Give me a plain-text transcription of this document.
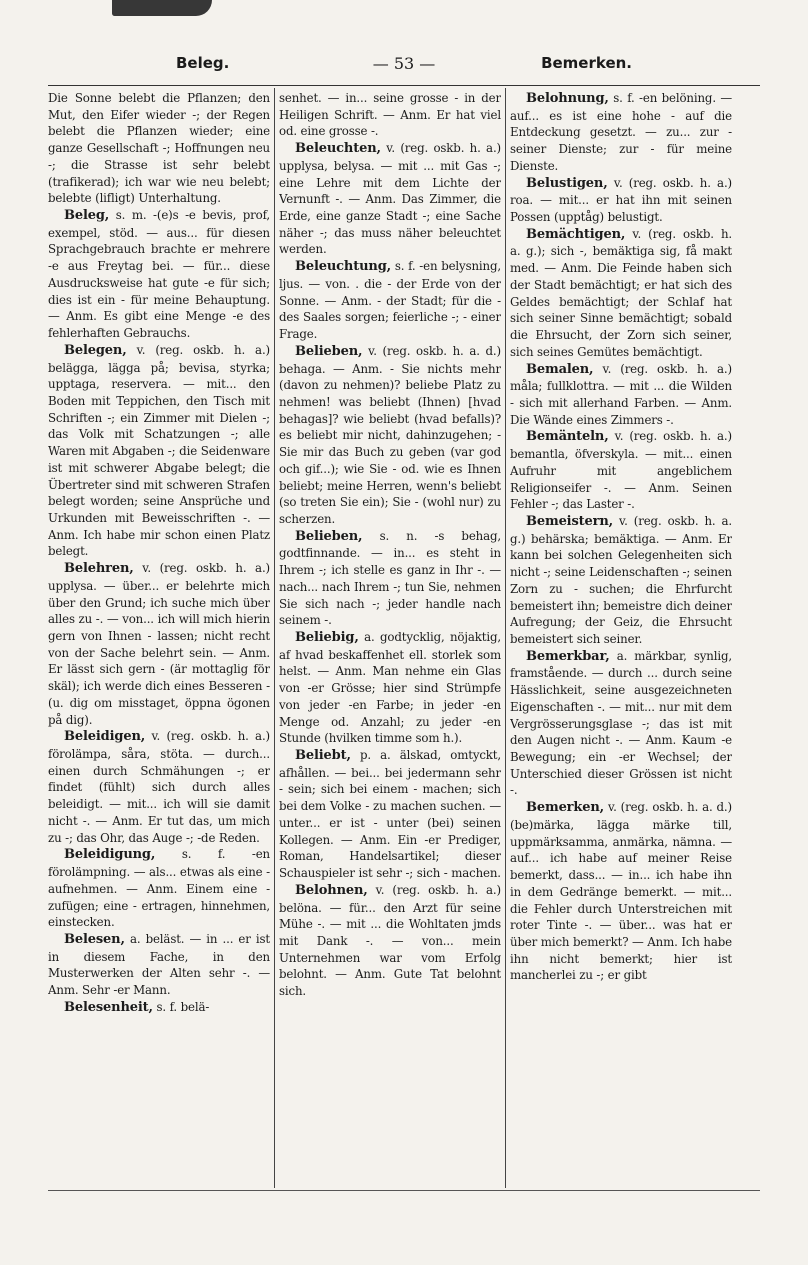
Beleg.	— 53 —	Bemerken.

Die Sonne belebt die Pflanzen; den Mut, den Eifer wieder -; der Regen belebt die Pflanzen wieder; eine ganze Gesellschaft -; Hoffnungen neu -; die Strasse ist sehr belebt (trafikerad); ich war wie neu belebt; belebte (lifligt) Unterhaltung.

Beleg, s. m. -(e)s -e bevis, prof, exempel, stöd. — aus... für diesen Sprachgebrauch brachte er mehrere -e aus Freytag bei. — für... diese Ausdrucksweise hat gute -e für sich; dies ist ein - für meine Behauptung. — Anm. Es gibt eine Menge -e des fehlerhaften Gebrauchs.

Belegen, v. (reg. oskb. h. a.) belägga, lägga på; bevisa, styrka; upptaga, reservera. — mit... den Boden mit Teppichen, den Tisch mit Schriften -; ein Zimmer mit Dielen -; das Volk mit Schatzungen -; alle Waren mit Abgaben -; die Seidenware ist mit schwerer Abgabe belegt; die Übertreter sind mit schweren Strafen belegt worden; seine Ansprüche und Urkunden mit Beweisschriften -. — Anm. Ich habe mir schon einen Platz belegt.

Belehren, v. (reg. oskb. h. a.) upplysa. — über... er belehrte mich über den Grund; ich suche mich über alles zu -. — von... ich will mich hierin gern von Ihnen - lassen; nicht recht von der Sache belehrt sein. — Anm. Er lässt sich gern - (är mottaglig för skäl); ich werde dich eines Besseren - (u. dig om misstaget, öppna ögonen på dig).

Beleidigen, v. (reg. oskb. h. a.) förolämpa, såra, stöta. — durch... einen durch Schmähungen -; er findet (fühlt) sich durch alles beleidigt. — mit... ich will sie damit nicht -. — Anm. Er tut das, um mich zu -; das Ohr, das Auge -; -de Reden.

Beleidigung, s. f. -en förolämpning. — als... etwas als eine - aufnehmen. — Anm. Einem eine - zufügen; eine - ertragen, hinnehmen, einstecken.

Belesen, a. beläst. — in ... er ist in diesem Fache, in den Musterwerken der Alten sehr -. — Anm. Sehr -er Mann.

Belesenheit, s. f. belä-

senhet. — in... seine grosse - in der Heiligen Schrift. — Anm. Er hat viel od. eine grosse -.

Beleuchten, v. (reg. oskb. h. a.) upplysa, belysa. — mit ... mit Gas -; eine Lehre mit dem Lichte der Vernunft -. — Anm. Das Zimmer, die Erde, eine ganze Stadt -; eine Sache näher -; das muss näher beleuchtet werden.

Beleuchtung, s. f. -en belysning, ljus. — von. . die - der Erde von der Sonne. — Anm. - der Stadt; für die - des Saales sorgen; feierliche -; - einer Frage.

Belieben, v. (reg. oskb. h. a. d.) behaga. — Anm. - Sie nichts mehr (davon zu nehmen)? beliebe Platz zu nehmen! was beliebt (Ihnen) [hvad behagas]? wie beliebt (hvad befalls)? es beliebt mir nicht, dahinzugehen; - Sie mir das Buch zu geben (var god och gif...); wie Sie - od. wie es Ihnen beliebt; meine Herren, wenn's beliebt (so treten Sie ein); Sie - (wohl nur) zu scherzen.

Belieben, s. n. -s behag, godtfinnande. — in... es steht in Ihrem -; ich stelle es ganz in Ihr -. — nach... nach Ihrem -; tun Sie, nehmen Sie sich nach -; jeder handle nach seinem -.

Beliebig, a. godtycklig, nöjaktig, af hvad beskaffenhet ell. storlek som helst. — Anm. Man nehme ein Glas von -er Grösse; hier sind Strümpfe von jeder -en Farbe; in jeder -en Menge od. Anzahl; zu jeder -en Stunde (hvilken timme som h.).

Beliebt, p. a. älskad, omtyckt, afhållen. — bei... bei jedermann sehr - sein; sich bei einem - machen; sich bei dem Volke - zu machen suchen. — unter... er ist - unter (bei) seinen Kollegen. — Anm. Ein -er Prediger, Roman, Handelsartikel; dieser Schauspieler ist sehr -; sich - machen.

Belohnen, v. (reg. oskb. h. a.) belöna. — für... den Arzt für seine Mühe -. — mit ... die Wohltaten jmds mit Dank -. — von... mein Unternehmen war vom Erfolg belohnt. — Anm. Gute Tat belohnt sich.

Belohnung, s. f. -en belöning. — auf... es ist eine hohe - auf die Entdeckung gesetzt. — zu... zur - seiner Dienste; zur - für meine Dienste.

Belustigen, v. (reg. oskb. h. a.) roa. — mit... er hat ihn mit seinen Possen (upptåg) belustigt.

Bemächtigen, v. (reg. oskb. h. a. g.); sich -, bemäktiga sig, få makt med. — Anm. Die Feinde haben sich der Stadt bemächtigt; er hat sich des Geldes bemächtigt; der Schlaf hat sich seiner Sinne bemächtigt; sobald die Ehrsucht, der Zorn sich seiner, sich seines Gemütes bemächtigt.

Bemalen, v. (reg. oskb. h. a.) måla; fullklottra. — mit ... die Wilden - sich mit allerhand Farben. — Anm. Die Wände eines Zimmers -.

Bemänteln, v. (reg. oskb. h. a.) bemantla, öfverskyla. — mit... einen Aufruhr mit angeblichem Religionseifer -. — Anm. Seinen Fehler -; das Laster -.

Bemeistern, v. (reg. oskb. h. a. g.) behärska; bemäktiga. — Anm. Er kann bei solchen Gelegenheiten sich nicht -; seine Leidenschaften -; seinen Zorn zu - suchen; die Ehrfurcht bemeistert ihn; bemeistre dich deiner Aufregung; der Geiz, die Ehrsucht bemeistert sich seiner.

Bemerkbar, a. märkbar, synlig, framstående. — durch ... durch seine Hässlichkeit, seine ausgezeichneten Eigenschaften -. — mit... nur mit dem Vergrösserungsglase -; das ist mit den Augen nicht -. — Anm. Kaum -e Bewegung; ein -er Wechsel; der Unterschied dieser Grössen ist nicht -.

Bemerken, v. (reg. oskb. h. a. d.) (be)märka, lägga märke till, uppmärksamma, anmärka, nämna. — auf... ich habe auf meiner Reise bemerkt, dass... — in... ich habe ihn in dem Gedränge bemerkt. — mit... die Fehler durch Unterstreichen mit roter Tinte -. — über... was hat er über mich bemerkt? — Anm. Ich habe ihn nicht bemerkt; hier ist mancherlei zu -; er gibt
